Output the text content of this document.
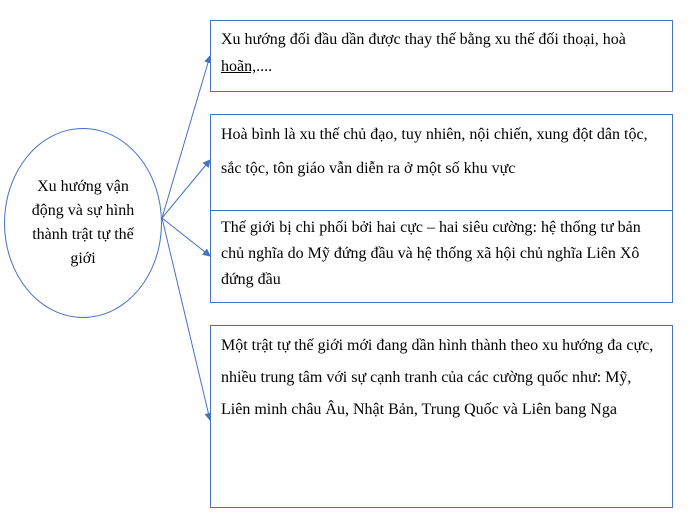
Xu hướng vận động và sự hình thành trật tự thế giới
Xu hướng đối đầu dần được thay thế bằng xu thế đối thoại, hoà hoãn,....
Hoà bình là xu thế chủ đạo, tuy nhiên, nội chiến, xung đột dân tộc, sắc tộc, tôn giáo vẫn diễn ra ở một số khu vực
Thế giới bị chi phối bởi hai cực – hai siêu cường: hệ thống tư bản chủ nghĩa do Mỹ đứng đầu và hệ thống xã hội chủ nghĩa Liên Xô đứng đầu
Một trật tự thế giới mới đang dần hình thành theo xu hướng đa cực, nhiều trung tâm với sự cạnh tranh của các cường quốc như: Mỹ, Liên minh châu Âu, Nhật Bản, Trung Quốc và Liên bang Nga
